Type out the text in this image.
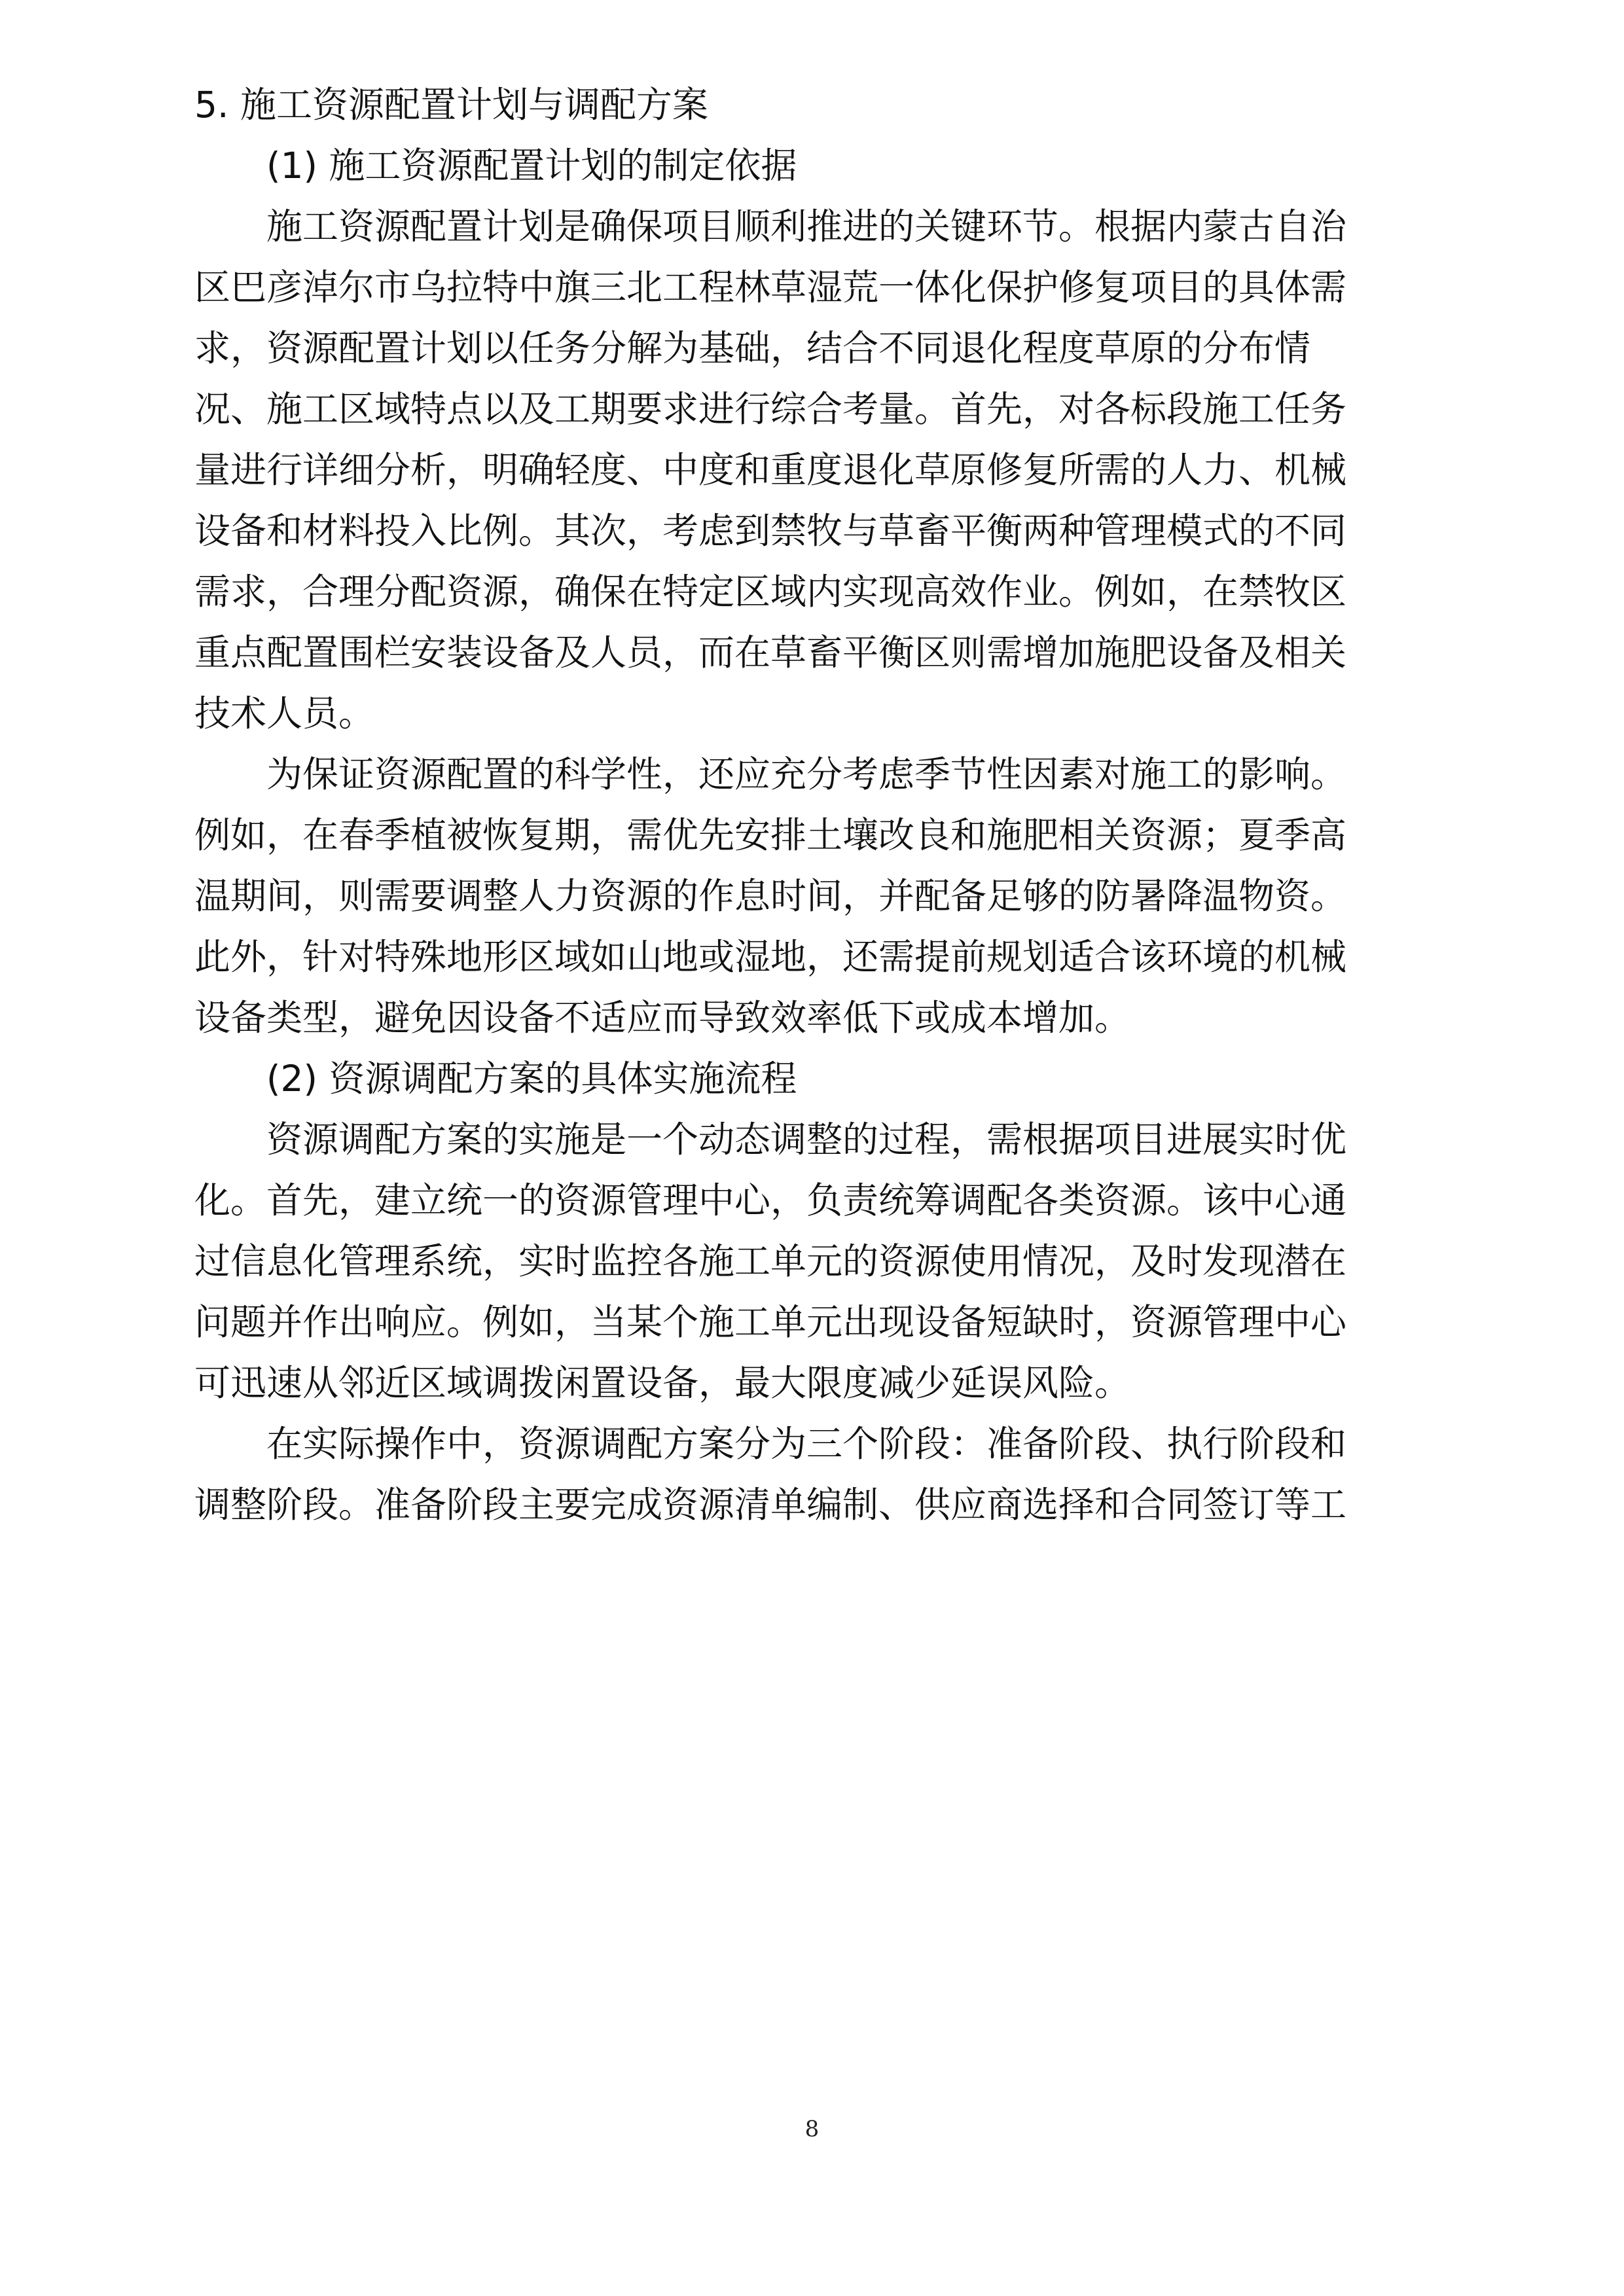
5. 施工资源配置计划与调配方案
(1) 施工资源配置计划的制定依据
施工资源配置计划是确保项目顺利推进的关键环节。根据内蒙古自治
区巴彦淖尔市乌拉特中旗三北工程林草湿荒一体化保护修复项目的具体需
求，资源配置计划以任务分解为基础，结合不同退化程度草原的分布情
况、施工区域特点以及工期要求进行综合考量。首先，对各标段施工任务
量进行详细分析，明确轻度、中度和重度退化草原修复所需的人力、机械
设备和材料投入比例。其次，考虑到禁牧与草畜平衡两种管理模式的不同
需求，合理分配资源，确保在特定区域内实现高效作业。例如，在禁牧区
重点配置围栏安装设备及人员，而在草畜平衡区则需增加施肥设备及相关
技术人员。
为保证资源配置的科学性，还应充分考虑季节性因素对施工的影响。
例如，在春季植被恢复期，需优先安排土壤改良和施肥相关资源；夏季高
温期间，则需要调整人力资源的作息时间，并配备足够的防暑降温物资。
此外，针对特殊地形区域如山地或湿地，还需提前规划适合该环境的机械
设备类型，避免因设备不适应而导致效率低下或成本增加。
(2) 资源调配方案的具体实施流程
资源调配方案的实施是一个动态调整的过程，需根据项目进展实时优
化。首先，建立统一的资源管理中心，负责统筹调配各类资源。该中心通
过信息化管理系统，实时监控各施工单元的资源使用情况，及时发现潜在
问题并作出响应。例如，当某个施工单元出现设备短缺时，资源管理中心
可迅速从邻近区域调拨闲置设备，最大限度减少延误风险。
在实际操作中，资源调配方案分为三个阶段：准备阶段、执行阶段和
调整阶段。准备阶段主要完成资源清单编制、供应商选择和合同签订等工
8
